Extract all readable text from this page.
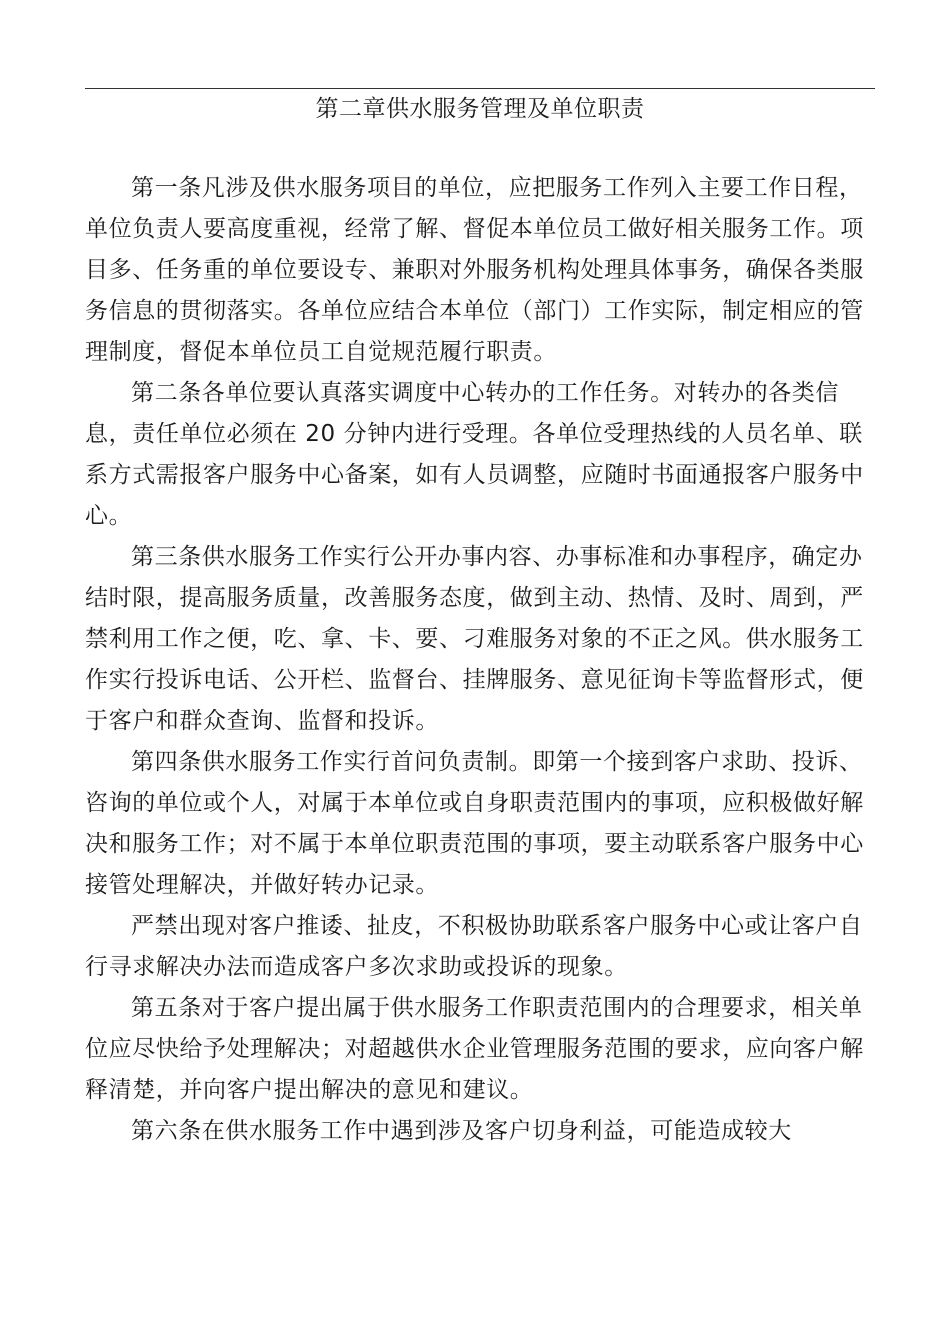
第二章供水服务管理及单位职责

第一条凡涉及供水服务项目的单位，应把服务工作列入主要工作日程，单位负责人要高度重视，经常了解、督促本单位员工做好相关服务工作。项目多、任务重的单位要设专、兼职对外服务机构处理具体事务，确保各类服务信息的贯彻落实。各单位应结合本单位（部门）工作实际，制定相应的管理制度，督促本单位员工自觉规范履行职责。

第二条各单位要认真落实调度中心转办的工作任务。对转办的各类信息，责任单位必须在 20 分钟内进行受理。各单位受理热线的人员名单、联系方式需报客户服务中心备案，如有人员调整，应随时书面通报客户服务中心。

第三条供水服务工作实行公开办事内容、办事标准和办事程序，确定办结时限，提高服务质量，改善服务态度，做到主动、热情、及时、周到，严禁利用工作之便，吃、拿、卡、要、刁难服务对象的不正之风。供水服务工作实行投诉电话、公开栏、监督台、挂牌服务、意见征询卡等监督形式，便于客户和群众查询、监督和投诉。

第四条供水服务工作实行首问负责制。即第一个接到客户求助、投诉、咨询的单位或个人，对属于本单位或自身职责范围内的事项，应积极做好解决和服务工作；对不属于本单位职责范围的事项，要主动联系客户服务中心接管处理解决，并做好转办记录。

严禁出现对客户推诿、扯皮，不积极协助联系客户服务中心或让客户自行寻求解决办法而造成客户多次求助或投诉的现象。

第五条对于客户提出属于供水服务工作职责范围内的合理要求，相关单位应尽快给予处理解决；对超越供水企业管理服务范围的要求，应向客户解释清楚，并向客户提出解决的意见和建议。

第六条在供水服务工作中遇到涉及客户切身利益，可能造成较大
